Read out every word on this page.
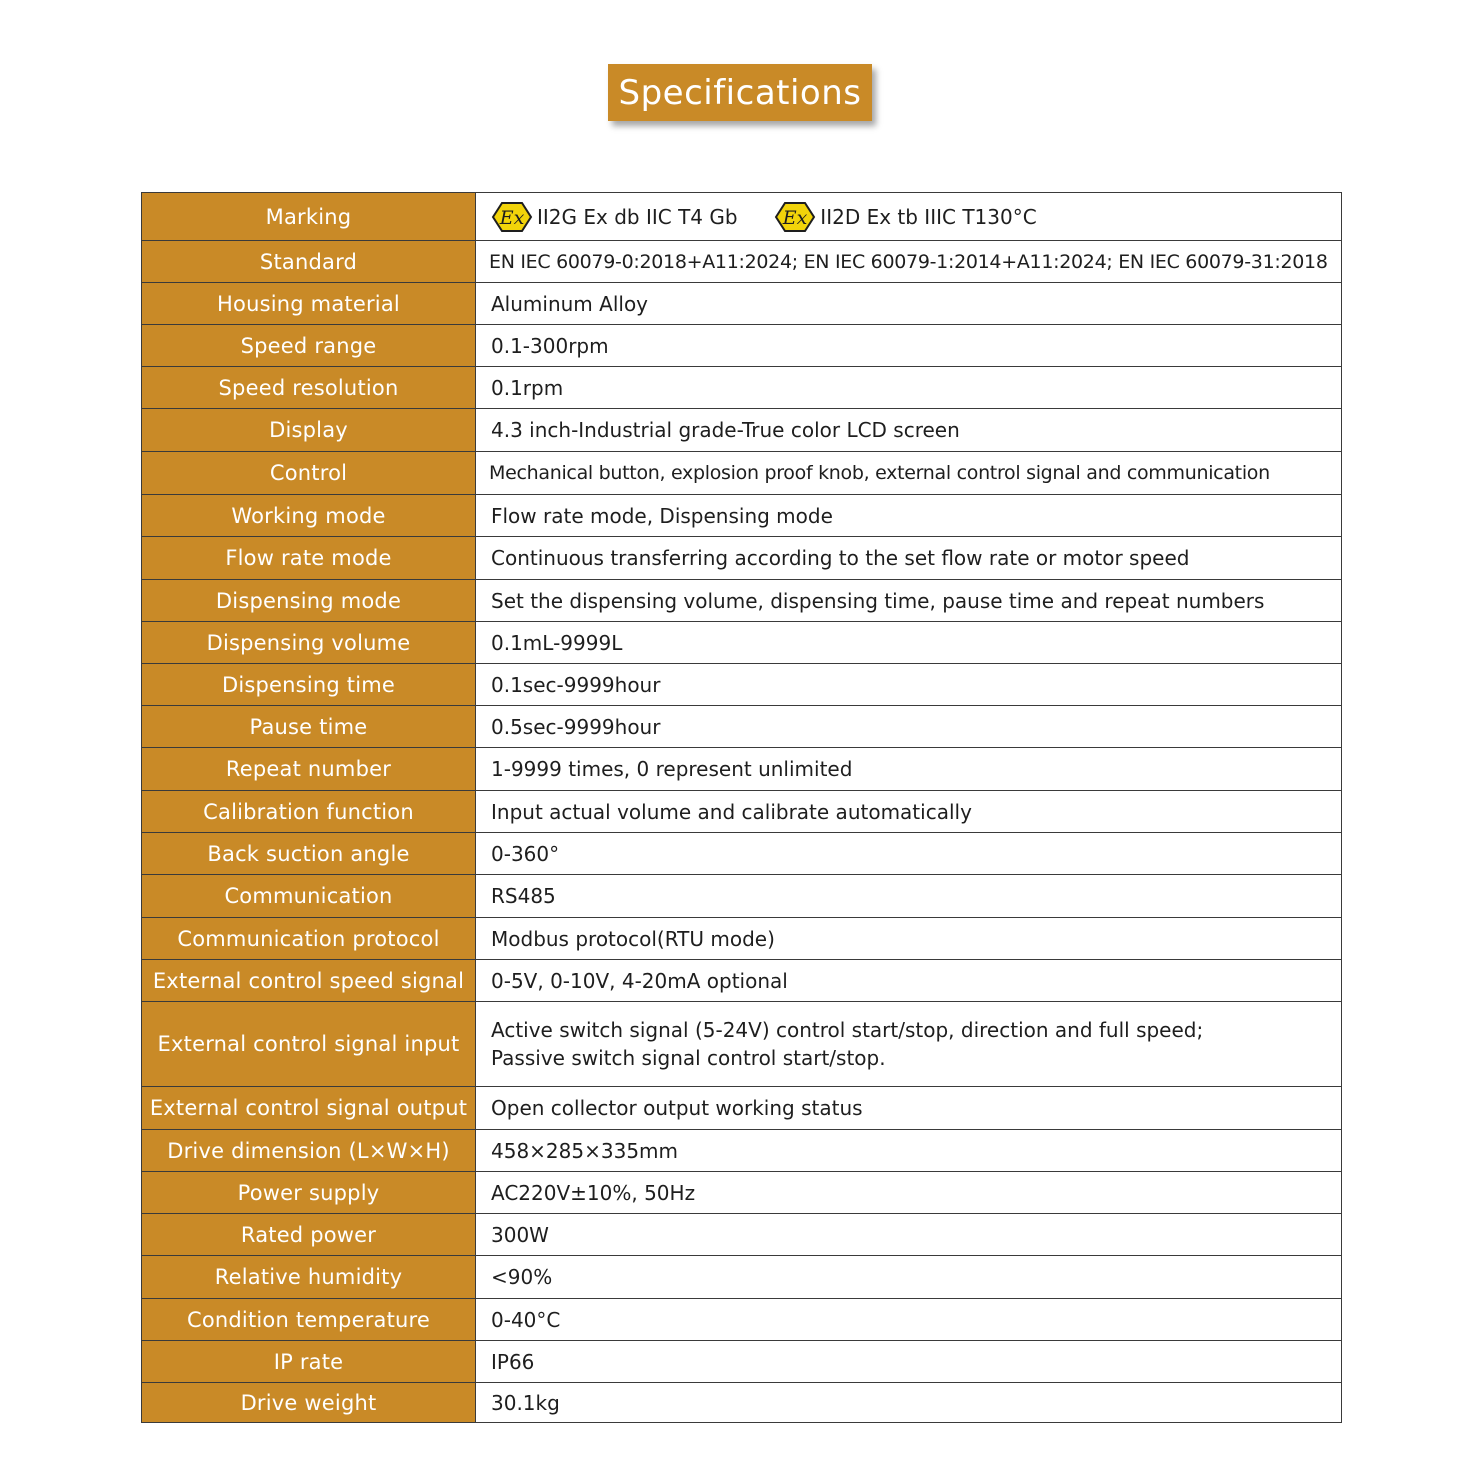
Specifications
Marking	Ex II2G Ex db IIC T4 Gb Ex II2D Ex tb IIIC T130°C
Standard	EN IEC 60079-0:2018+A11:2024; EN IEC 60079-1:2014+A11:2024; EN IEC 60079-31:2018

Housing material	Aluminum Alloy

Speed range	0.1-300rpm

Speed resolution	0.1rpm

Display	4.3 inch-Industrial grade-True color LCD screen

Control	Mechanical button, explosion proof knob, external control signal and communication

Working mode	Flow rate mode, Dispensing mode

Flow rate mode	Continuous transferring according to the set flow rate or motor speed

Dispensing mode	Set the dispensing volume, dispensing time, pause time and repeat numbers

Dispensing volume	0.1mL-9999L

Dispensing time	0.1sec-9999hour

Pause time	0.5sec-9999hour

Repeat number	1-9999 times, 0 represent unlimited

Calibration function	Input actual volume and calibrate automatically

Back suction angle	0-360°

Communication	RS485

Communication protocol	Modbus protocol(RTU mode)

External control speed signal	0-5V, 0-10V, 4-20mA optional

External control signal input	Active switch signal (5-24V) control start/stop, direction and full speed;
Passive switch signal control start/stop.

External control signal output	Open collector output working status

Drive dimension (L×W×H)	458×285×335mm

Power supply	AC220V±10%, 50Hz

Rated power	300W

Relative humidity	<90%

Condition temperature	0-40°C

IP rate	IP66

Drive weight	30.1kg
